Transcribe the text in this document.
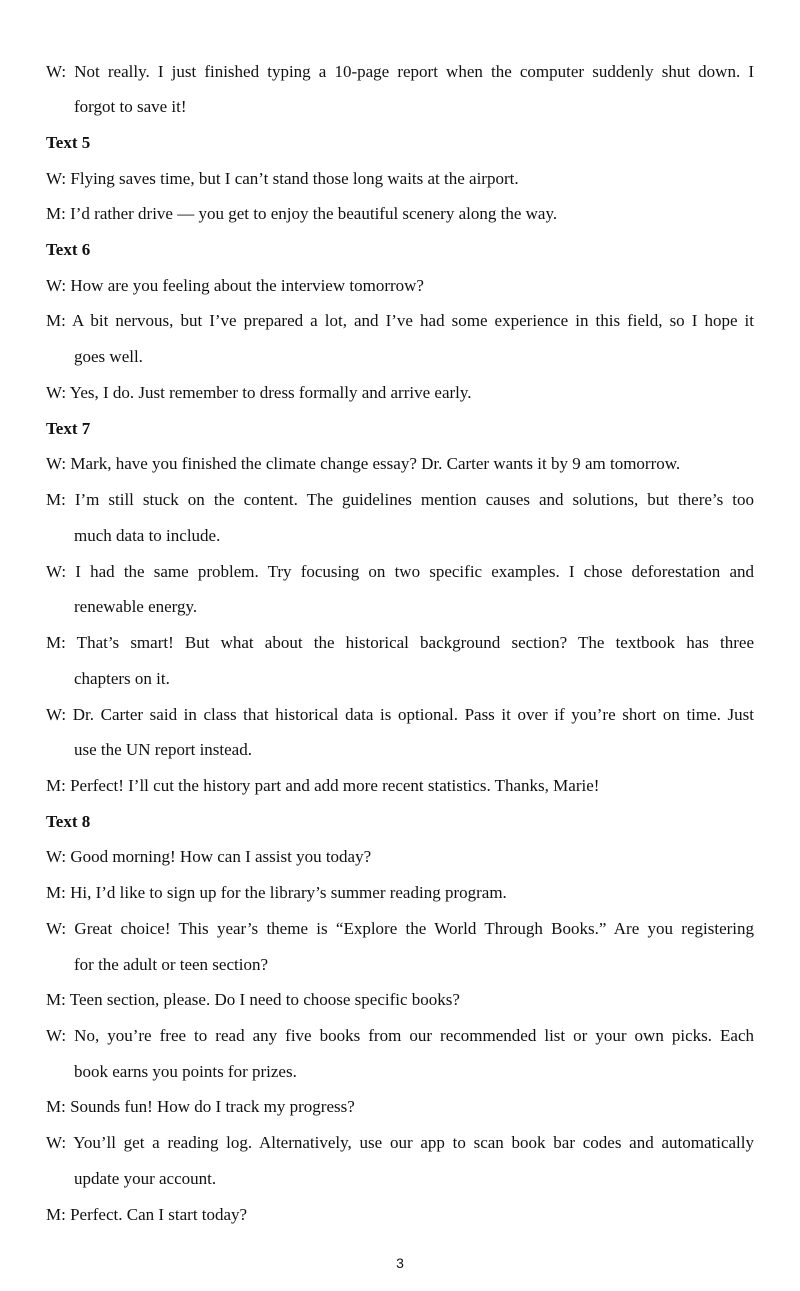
W: Not really. I just finished typing a 10-page report when the computer suddenly shut down. I
forgot to save it!
Text 5
W: Flying saves time, but I can’t stand those long waits at the airport.
M: I’d rather drive — you get to enjoy the beautiful scenery along the way.
Text 6
W: How are you feeling about the interview tomorrow?
M: A bit nervous, but I’ve prepared a lot, and I’ve had some experience in this field, so I hope it
goes well.
W: Yes, I do. Just remember to dress formally and arrive early.
Text 7
W: Mark, have you finished the climate change essay? Dr. Carter wants it by 9 am tomorrow.
M: I’m still stuck on the content. The guidelines mention causes and solutions, but there’s too
much data to include.
W: I had the same problem. Try focusing on two specific examples. I chose deforestation and
renewable energy.
M: That’s smart! But what about the historical background section? The textbook has three
chapters on it.
W: Dr. Carter said in class that historical data is optional. Pass it over if you’re short on time. Just
use the UN report instead.
M: Perfect! I’ll cut the history part and add more recent statistics. Thanks, Marie!
Text 8
W: Good morning! How can I assist you today?
M: Hi, I’d like to sign up for the library’s summer reading program.
W: Great choice! This year’s theme is “Explore the World Through Books.” Are you registering
for the adult or teen section?
M: Teen section, please. Do I need to choose specific books?
W: No, you’re free to read any five books from our recommended list or your own picks. Each
book earns you points for prizes.
M: Sounds fun! How do I track my progress?
W: You’ll get a reading log. Alternatively, use our app to scan book bar codes and automatically
update your account.
M: Perfect. Can I start today?
3
